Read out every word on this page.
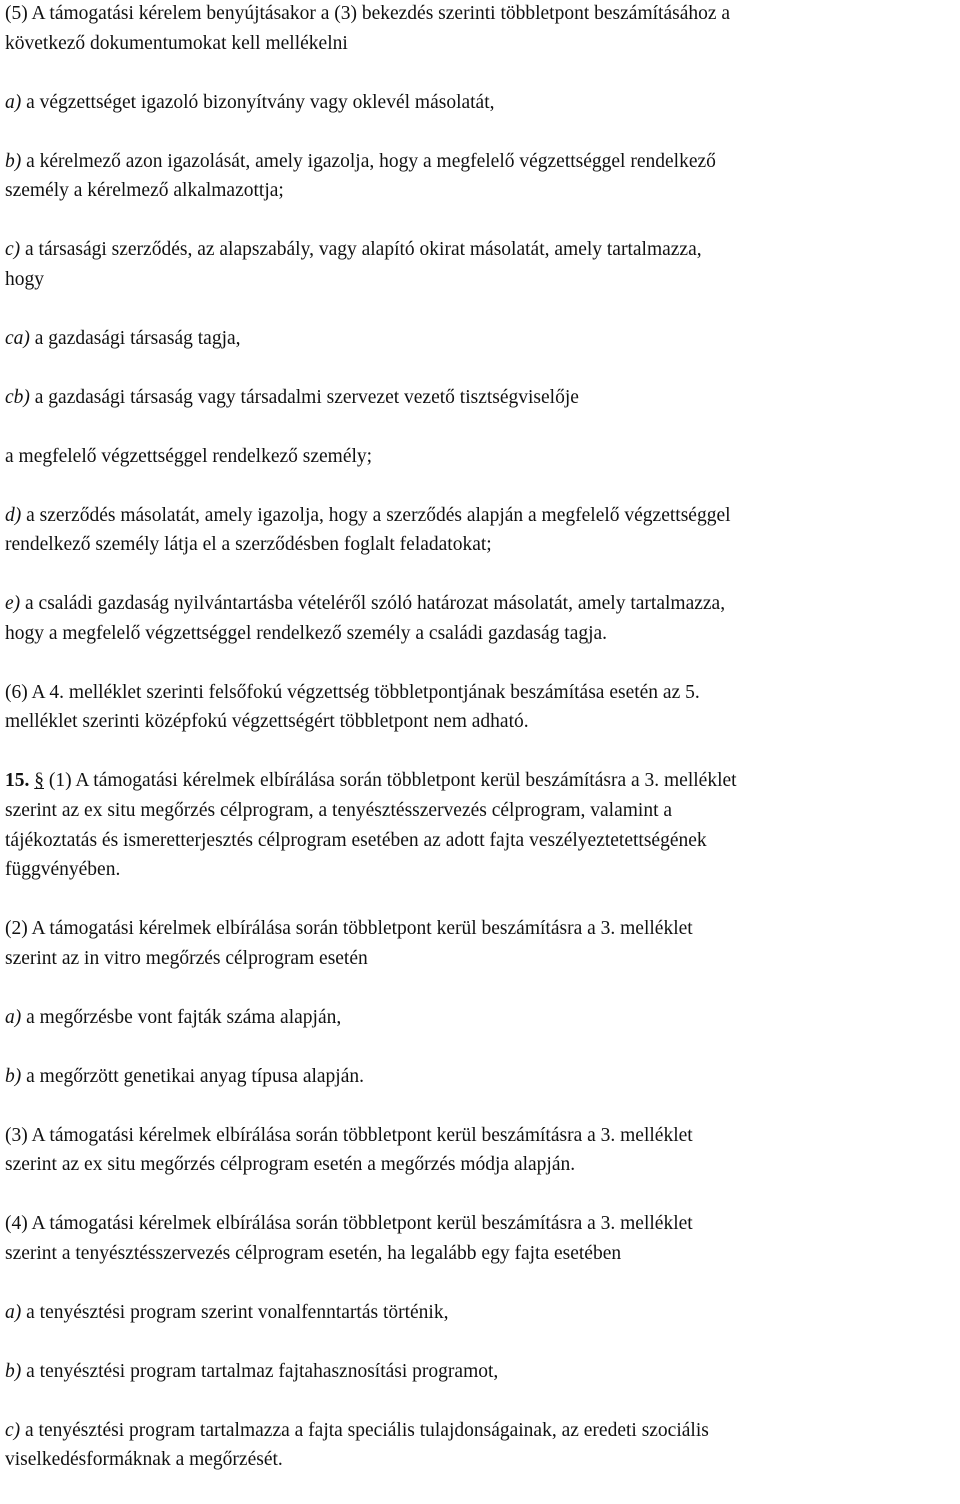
(5) A támogatási kérelem benyújtásakor a (3) bekezdés szerinti többletpont beszámításához a
következő dokumentumokat kell mellékelni
a) a végzettséget igazoló bizonyítvány vagy oklevél másolatát,
b) a kérelmező azon igazolását, amely igazolja, hogy a megfelelő végzettséggel rendelkező
személy a kérelmező alkalmazottja;
c) a társasági szerződés, az alapszabály, vagy alapító okirat másolatát, amely tartalmazza,
hogy
ca) a gazdasági társaság tagja,
cb) a gazdasági társaság vagy társadalmi szervezet vezető tisztségviselője
a megfelelő végzettséggel rendelkező személy;
d) a szerződés másolatát, amely igazolja, hogy a szerződés alapján a megfelelő végzettséggel
rendelkező személy látja el a szerződésben foglalt feladatokat;
e) a családi gazdaság nyilvántartásba vételéről szóló határozat másolatát, amely tartalmazza,
hogy a megfelelő végzettséggel rendelkező személy a családi gazdaság tagja.
(6) A 4. melléklet szerinti felsőfokú végzettség többletpontjának beszámítása esetén az 5.
melléklet szerinti középfokú végzettségért többletpont nem adható.
15. § (1) A támogatási kérelmek elbírálása során többletpont kerül beszámításra a 3. melléklet
szerint az ex situ megőrzés célprogram, a tenyésztésszervezés célprogram, valamint a
tájékoztatás és ismeretterjesztés célprogram esetében az adott fajta veszélyeztetettségének
függvényében.
(2) A támogatási kérelmek elbírálása során többletpont kerül beszámításra a 3. melléklet
szerint az in vitro megőrzés célprogram esetén
a) a megőrzésbe vont fajták száma alapján,
b) a megőrzött genetikai anyag típusa alapján.
(3) A támogatási kérelmek elbírálása során többletpont kerül beszámításra a 3. melléklet
szerint az ex situ megőrzés célprogram esetén a megőrzés módja alapján.
(4) A támogatási kérelmek elbírálása során többletpont kerül beszámításra a 3. melléklet
szerint a tenyésztésszervezés célprogram esetén, ha legalább egy fajta esetében
a) a tenyésztési program szerint vonalfenntartás történik,
b) a tenyésztési program tartalmaz fajtahasznosítási programot,
c) a tenyésztési program tartalmazza a fajta speciális tulajdonságainak, az eredeti szociális
viselkedésformáknak a megőrzését.
